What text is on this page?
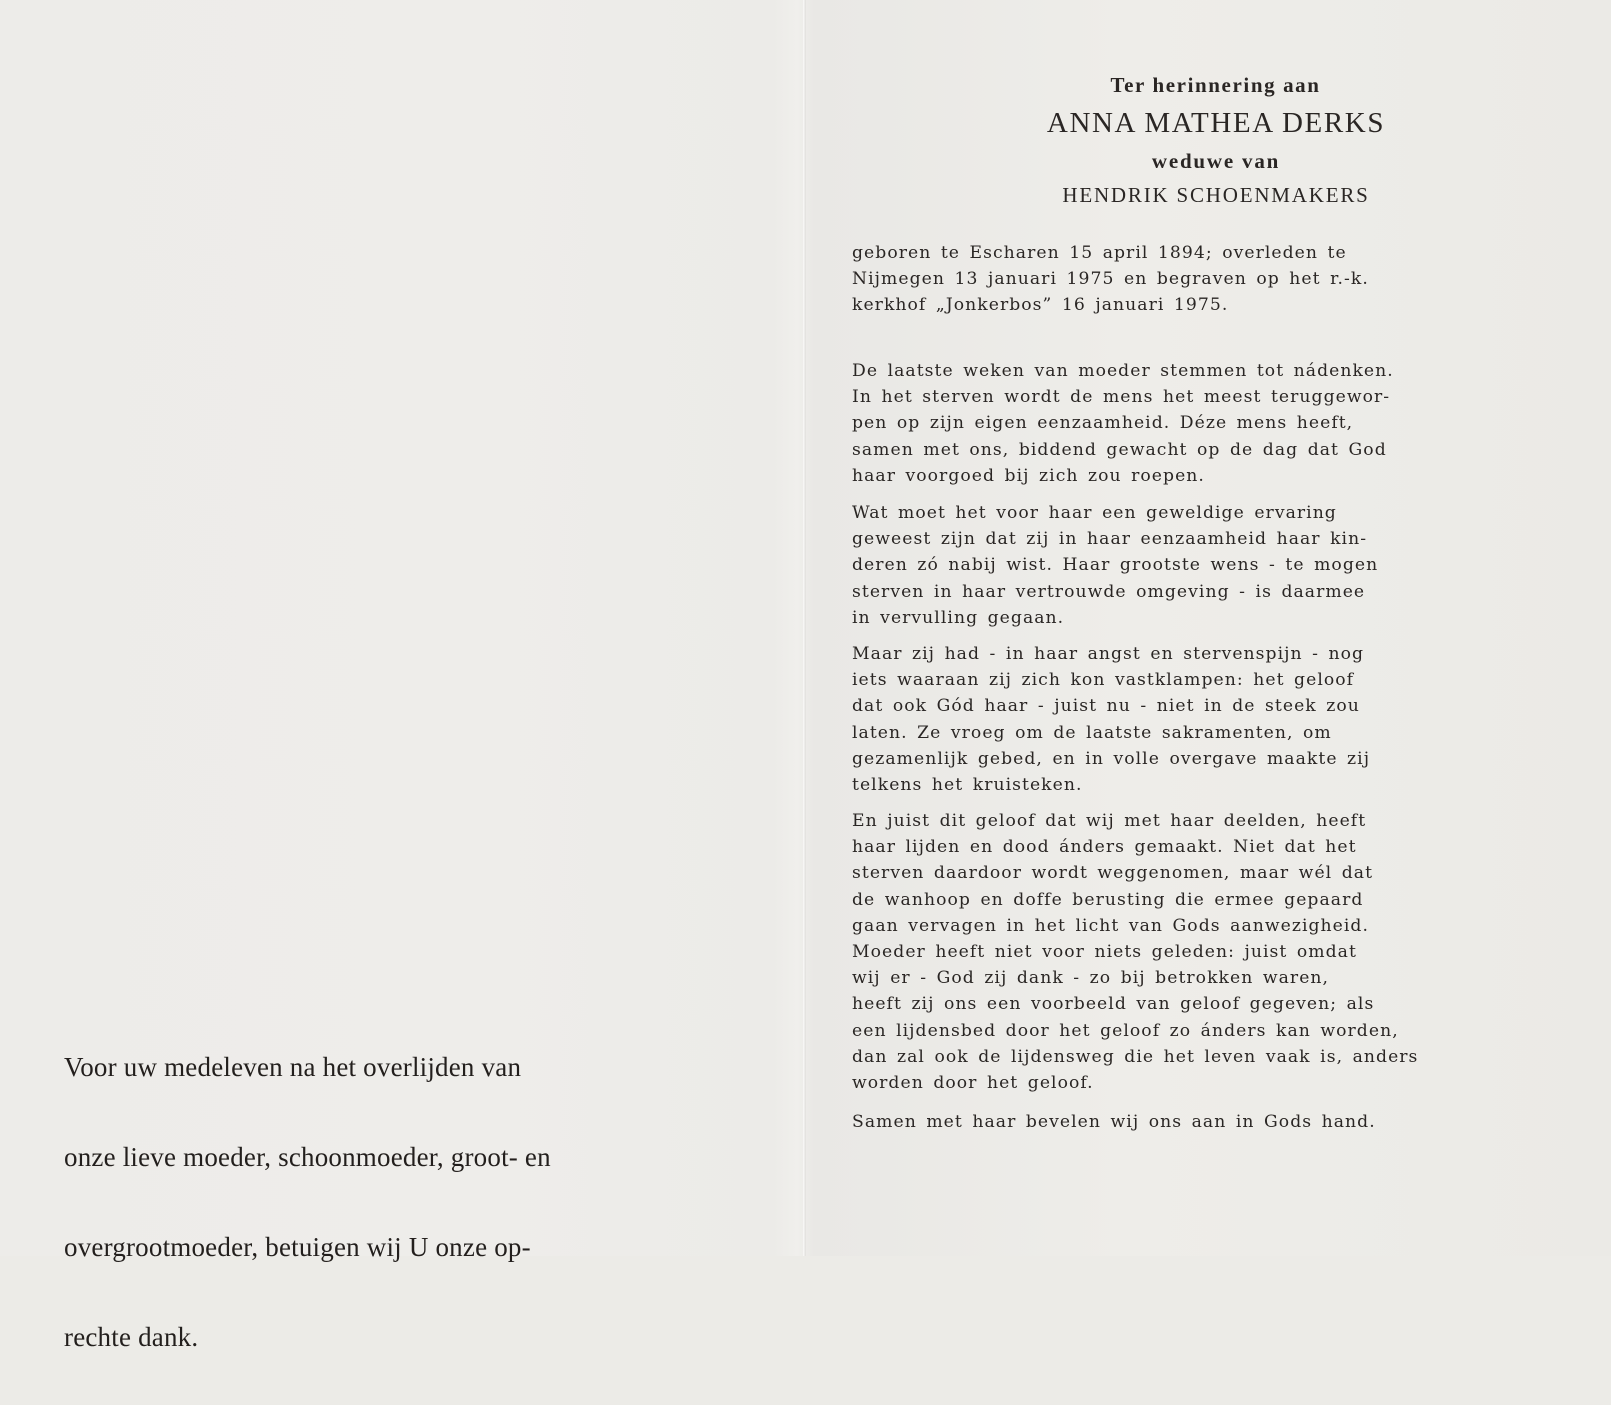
Voor uw medeleven na het overlijden van

onze lieve moeder, schoonmoeder, groot- en

overgrootmoeder, betuigen wij U onze op-

rechte dank.

Ter herinnering aan
ANNA MATHEA DERKS
weduwe van
HENDRIK SCHOENMAKERS
geboren te Escharen 15 april 1894; overleden te
Nijmegen 13 januari 1975 en begraven op het r.-k.
kerkhof „Jonkerbos” 16 januari 1975.
De laatste weken van moeder stemmen tot nádenken.
In het sterven wordt de mens het meest teruggewor-
pen op zijn eigen eenzaamheid. Déze mens heeft,
samen met ons, biddend gewacht op de dag dat God
haar voorgoed bij zich zou roepen.
Wat moet het voor haar een geweldige ervaring
geweest zijn dat zij in haar eenzaamheid haar kin-
deren zó nabij wist. Haar grootste wens - te mogen
sterven in haar vertrouwde omgeving - is daarmee
in vervulling gegaan.
Maar zij had - in haar angst en stervenspijn - nog
iets waaraan zij zich kon vastklampen: het geloof
dat ook Gód haar - juist nu - niet in de steek zou
laten. Ze vroeg om de laatste sakramenten, om
gezamenlijk gebed, en in volle overgave maakte zij
telkens het kruisteken.
En juist dit geloof dat wij met haar deelden, heeft
haar lijden en dood ánders gemaakt. Niet dat het
sterven daardoor wordt weggenomen, maar wél dat
de wanhoop en doffe berusting die ermee gepaard
gaan vervagen in het licht van Gods aanwezigheid.
Moeder heeft niet voor niets geleden: juist omdat
wij er - God zij dank - zo bij betrokken waren,
heeft zij ons een voorbeeld van geloof gegeven; als
een lijdensbed door het geloof zo ánders kan worden,
dan zal ook de lijdensweg die het leven vaak is, anders
worden door het geloof.
Samen met haar bevelen wij ons aan in Gods hand.
